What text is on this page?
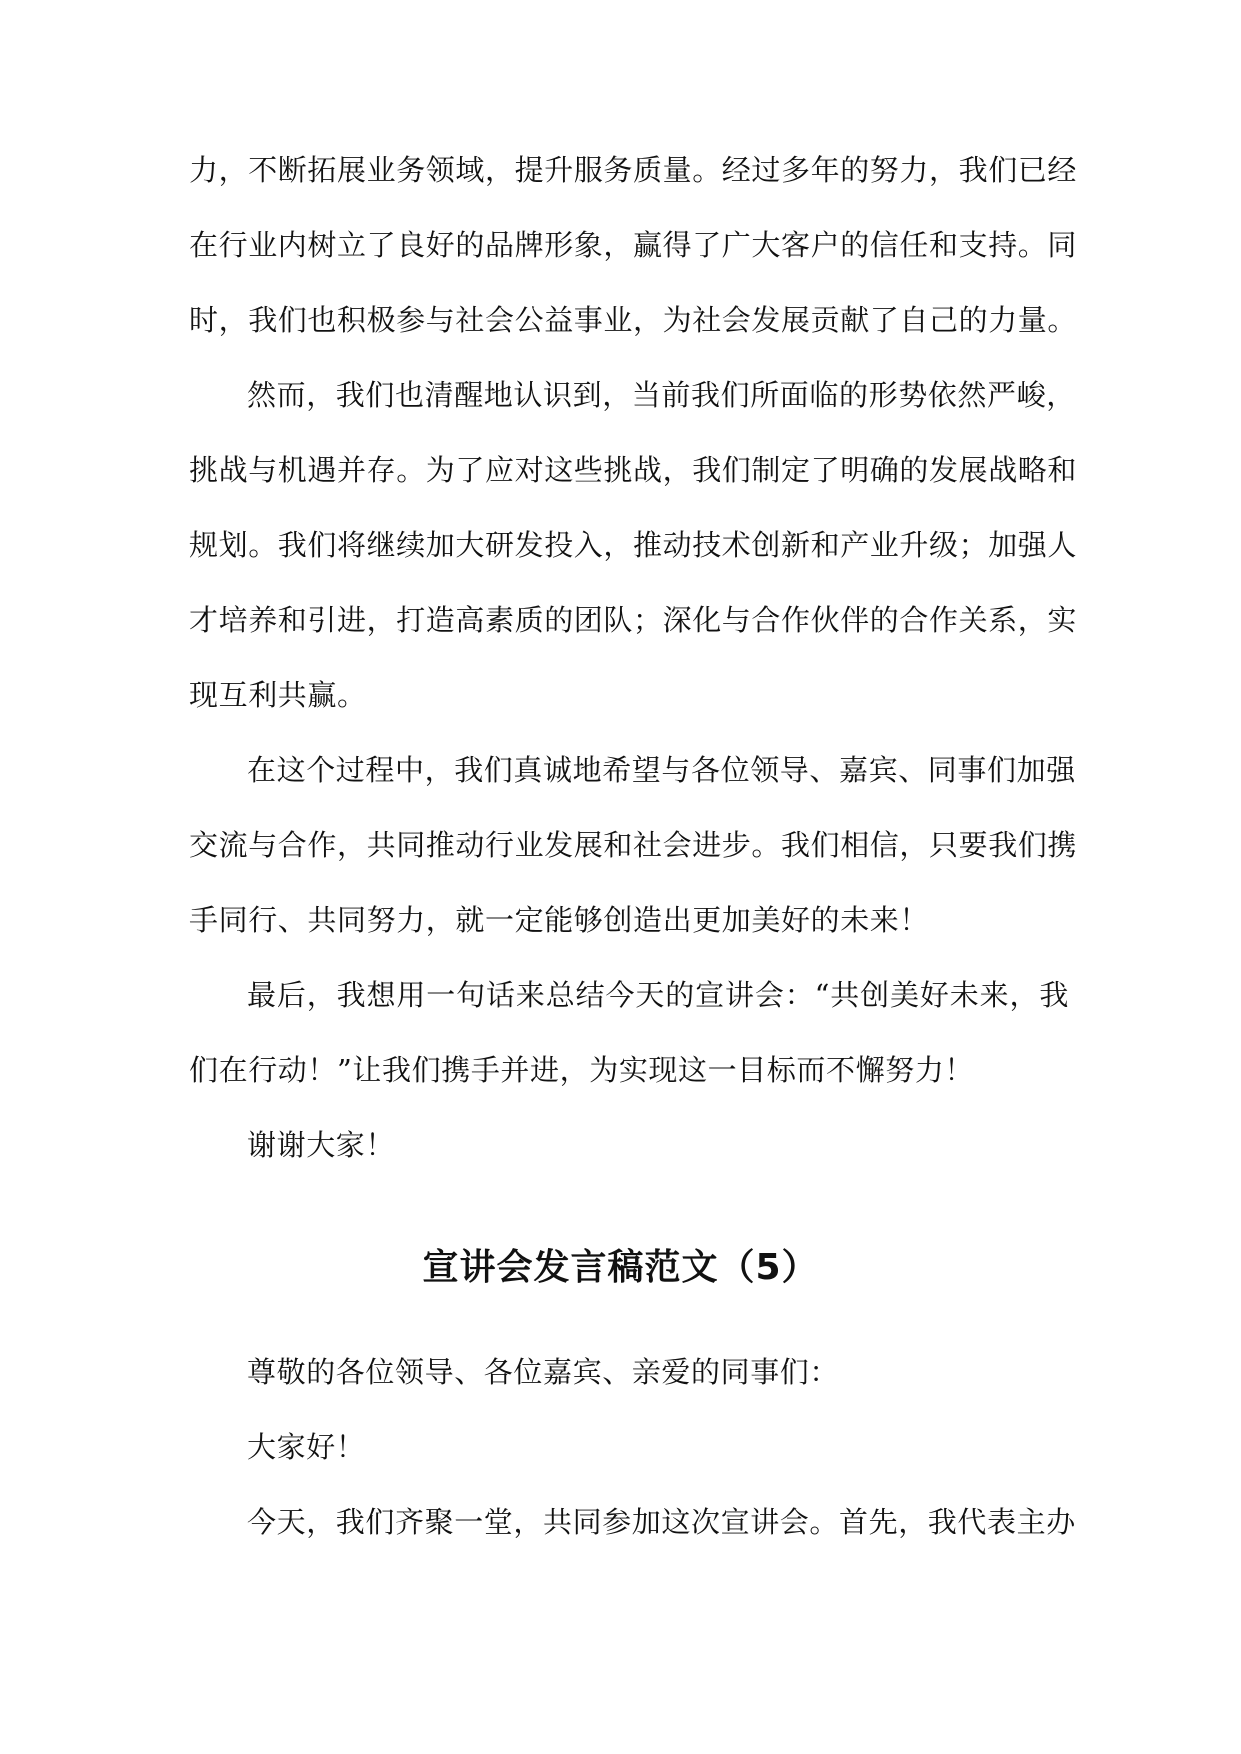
力，不断拓展业务领域，提升服务质量。经过多年的努力，我们已经
在行业内树立了良好的品牌形象，赢得了广大客户的信任和支持。同
时，我们也积极参与社会公益事业，为社会发展贡献了自己的力量。
然而，我们也清醒地认识到，当前我们所面临的形势依然严峻，
挑战与机遇并存。为了应对这些挑战，我们制定了明确的发展战略和
规划。我们将继续加大研发投入，推动技术创新和产业升级；加强人
才培养和引进，打造高素质的团队；深化与合作伙伴的合作关系，实
现互利共赢。
在这个过程中，我们真诚地希望与各位领导、嘉宾、同事们加强
交流与合作，共同推动行业发展和社会进步。我们相信，只要我们携
手同行、共同努力，就一定能够创造出更加美好的未来！
最后，我想用一句话来总结今天的宣讲会：“共创美好未来，我
们在行动！”让我们携手并进，为实现这一目标而不懈努力！
谢谢大家！
宣讲会发言稿范文（5）
尊敬的各位领导、各位嘉宾、亲爱的同事们：
大家好！
今天，我们齐聚一堂，共同参加这次宣讲会。首先，我代表主办
